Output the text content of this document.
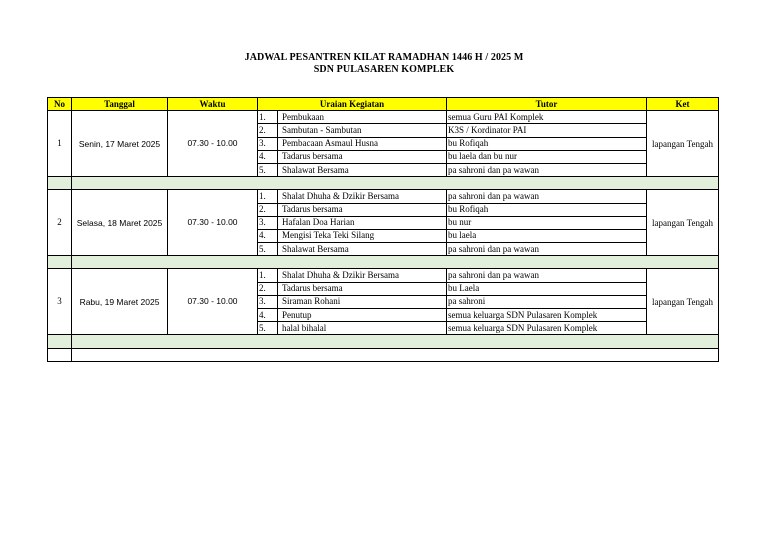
JADWAL PESANTREN KILAT RAMADHAN 1446 H / 2025 M
SDN PULASAREN KOMPLEK
No	Tanggal	Waktu	Uraian Kegiatan		Tutor	Ket
1	Senin, 17 Maret 2025	07.30 - 10.00	1.	Pembukaan	semua Guru PAI Komplek	lapangan Tengah
			2.	Sambutan - Sambutan	K3S / Kordinator PAI	
			3.	Pembacaan Asmaul Husna	bu Rofiqah	
			4.	Tadarus bersama	bu laela dan bu nur	
			5.	Shalawat Bersama	pa sahroni dan pa wawan	

2	Selasa, 18 Maret 2025	07.30 - 10.00	1.	Shalat Dhuha & Dzikir Bersama	pa sahroni dan pa wawan	lapangan Tengah
			2.	Tadarus bersama	bu Rofiqah	
			3.	Hafalan Doa Harian	bu nur	
			4.	Mengisi Teka Teki Silang	bu laela	
			5.	Shalawat Bersama	pa sahroni dan pa wawan	

3	Rabu, 19 Maret 2025	07.30 - 10.00	1.	Shalat Dhuha & Dzikir Bersama	pa sahroni dan pa wawan	lapangan Tengah
			2.	Tadarus bersama	bu Laela	
			3.	Siraman Rohani	pa sahroni	
			4.	Penutup	semua keluarga SDN Pulasaren Komplek	
			5.	halal bihalal	semua keluarga SDN Pulasaren Komplek	
